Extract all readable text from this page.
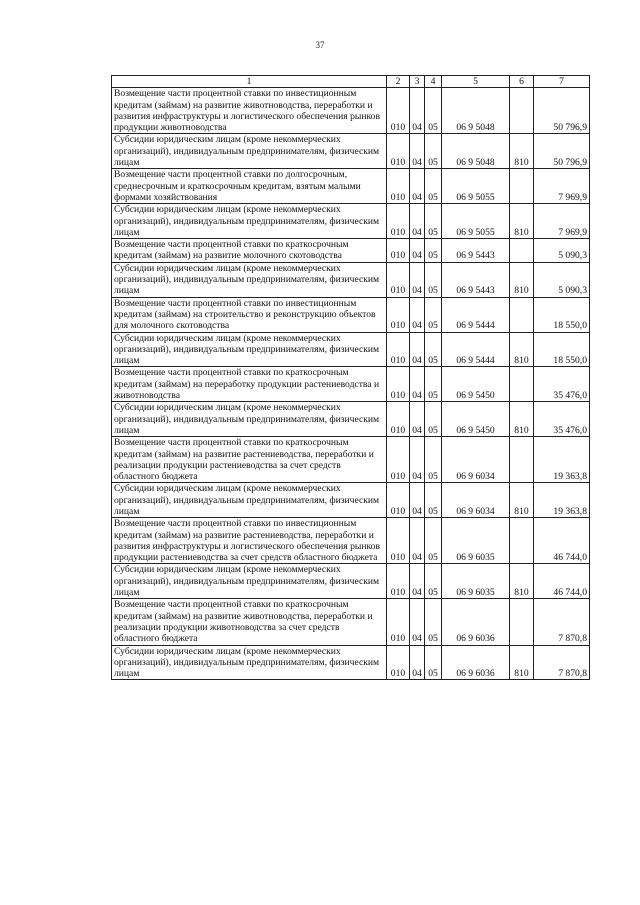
37
1	2	3	4	5	6	7
Возмещение части процентной ставки по инвестиционным кредитам (займам) на развитие животноводства, переработки и развития инфраструктуры и логистического обеспечения рынков продукции животноводства	010	04	05	06 9 5048		50 796,9
Субсидии юридическим лицам (кроме некоммерческих организаций), индивидуальным предпринимателям, физическим лицам	010	04	05	06 9 5048	810	50 796,9
Возмещение части процентной ставки по долгосрочным, среднесрочным и краткосрочным кредитам, взятым малыми формами хозяйствования	010	04	05	06 9 5055		7 969,9
Субсидии юридическим лицам (кроме некоммерческих организаций), индивидуальным предпринимателям, физическим лицам	010	04	05	06 9 5055	810	7 969,9
Возмещение части процентной ставки по краткосрочным кредитам (займам) на развитие молочного скотоводства	010	04	05	06 9 5443		5 090,3
Субсидии юридическим лицам (кроме некоммерческих организаций), индивидуальным предпринимателям, физическим лицам	010	04	05	06 9 5443	810	5 090,3
Возмещение части процентной ставки по инвестиционным кредитам (займам) на строительство и реконструкцию объектов для молочного скотоводства	010	04	05	06 9 5444		18 550,0
Субсидии юридическим лицам (кроме некоммерческих организаций), индивидуальным предпринимателям, физическим лицам	010	04	05	06 9 5444	810	18 550,0
Возмещение части процентной ставки по краткосрочным кредитам (займам) на переработку продукции растениеводства и животноводства	010	04	05	06 9 5450		35 476,0
Субсидии юридическим лицам (кроме некоммерческих организаций), индивидуальным предпринимателям, физическим лицам	010	04	05	06 9 5450	810	35 476,0
Возмещение части процентной ставки по краткосрочным кредитам (займам) на развитие растениеводства, переработки и реализации продукции растениеводства за счет средств областного бюджета	010	04	05	06 9 6034		19 363,8
Субсидии юридическим лицам (кроме некоммерческих организаций), индивидуальным предпринимателям, физическим лицам	010	04	05	06 9 6034	810	19 363,8
Возмещение части процентной ставки по инвестиционным кредитам (займам) на развитие растениеводства, переработки и развития инфраструктуры и логистического обеспечения рынков продукции растениеводства за счет средств областного бюджета	010	04	05	06 9 6035		46 744,0
Субсидии юридическим лицам (кроме некоммерческих организаций), индивидуальным предпринимателям, физическим лицам	010	04	05	06 9 6035	810	46 744,0
Возмещение части процентной ставки по краткосрочным кредитам (займам) на развитие животноводства, переработки и реализации продукции животноводства за счет средств областного бюджета	010	04	05	06 9 6036		7 870,8
Субсидии юридическим лицам (кроме некоммерческих организаций), индивидуальным предпринимателям, физическим лицам	010	04	05	06 9 6036	810	7 870,8
